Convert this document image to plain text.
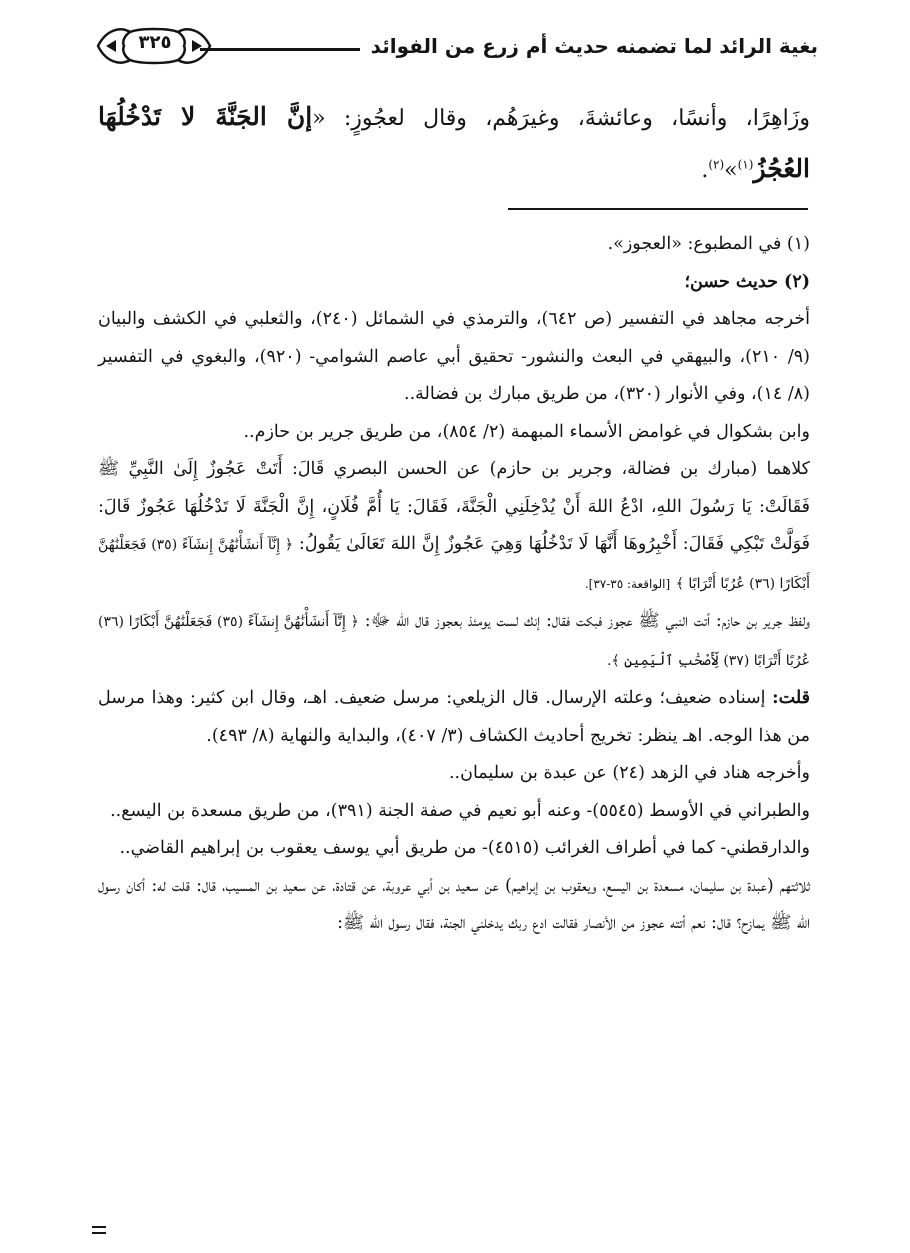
بغية الرائد لما تضمنه حديث أم زرع من الفوائد
٣٢٥
وزَاهِرًا، وأنسًا، وعائشةَ، وغيرَهُم، وقال لعجُوزٍ: «إنَّ الجَنَّةَ لا تَدْخُلُهَا العُجُزُ$^{(١)}$»$^{(٢)}$.

(١) في المطبوع: «العجوز».

(٢) حديث حسن؛

أخرجه مجاهد في التفسير (ص ٦٤٢)، والترمذي في الشمائل (٢٤٠)، والثعلبي في الكشف والبيان (٩/ ٢١٠)، والبيهقي في البعث والنشور- تحقيق أبي عاصم الشوامي- (٩٢٠)، والبغوي في التفسير (٨/ ١٤)، وفي الأنوار (٣٢٠)، من طريق مبارك بن فضالة..

وابن بشكوال في غوامض الأسماء المبهمة (٢/ ٨٥٤)، من طريق جرير بن حازم..

كلاهما (مبارك بن فضالة، وجرير بن حازم) عن الحسن البصري قَالَ: أَتَتْ عَجُوزٌ إِلَىٰ النَّبِيِّ ﷺ فَقَالَتْ: يَا رَسُولَ اللهِ، ادْعُ اللهَ أَنْ يُدْخِلَنِي الْجَنَّةَ، فَقَالَ: يَا أُمَّ فُلَانٍ، إِنَّ الْجَنَّةَ لَا تَدْخُلُهَا عَجُوزٌ قَالَ: فَوَلَّتْ تَبْكِي فَقَالَ: أَخْبِرُوهَا أَنَّهَا لَا تَدْخُلُهَا وَهِيَ عَجُوزٌ إِنَّ اللهَ تَعَالَىٰ يَقُولُ: ﴿ إِنَّآ أَنشَأْنَٰهُنَّ إِنشَآءً (٣٥) فَجَعَلْنَٰهُنَّ أَبْكَارًا (٣٦) عُرُبًا أَتْرَابًا ﴾ [الواقعة: ٣٥-٣٧].

ولفظ جرير بن حازم: أتت النبي ﷺ عجوز فبكت فقال: إنك لست يومئذ بعجوز قال الله ﷻ: ﴿ إِنَّآ أَنشَأْنَٰهُنَّ إِنشَآءً (٣٥) فَجَعَلْنَٰهُنَّ أَبْكَارًا (٣٦) عُرُبًا أَتْرَابًا (٣٧) لِّأَصْحَٰبِ ٱلْيَمِينِ ﴾.

قلت: إسناده ضعيف؛ وعلته الإرسال. قال الزيلعي: مرسل ضعيف. اهـ، وقال ابن كثير: وهذا مرسل من هذا الوجه. اهـ ينظر: تخريج أحاديث الكشاف (٣/ ٤٠٧)، والبداية والنهاية (٨/ ٤٩٣).

وأخرجه هناد في الزهد (٢٤) عن عبدة بن سليمان..

والطبراني في الأوسط (٥٥٤٥)- وعنه أبو نعيم في صفة الجنة (٣٩١)، من طريق مسعدة بن اليسع..

والدارقطني- كما في أطراف الغرائب (٤٥١٥)- من طريق أبي يوسف يعقوب بن إبراهيم القاضي..

ثلاثتهم (عبدة بن سليمان، مسعدة بن اليسع، ويعقوب بن إبراهيم) عن سعيد بن أبي عروبة، عن قتادة، عن سعيد بن المسيب، قال: قلت له: أكان رسول الله ﷺ يمازح؟ قال: نعم أتته عجوز من الأنصار فقالت ادع ربك يدخلني الجنة، فقال رسول الله ﷺ:
